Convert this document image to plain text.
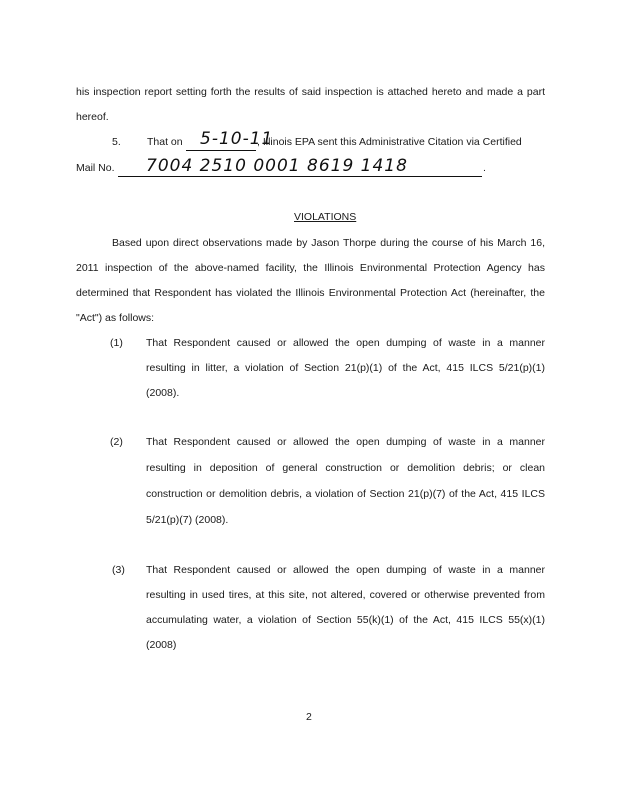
his inspection report setting forth the results of said inspection is attached hereto and made a part
hereof.
5. That on 5-10-11
, Illinois EPA sent this Administrative Citation via Certified
Mail No. 7004 2510 0001 8619 1418	.
VIOLATIONS
Based upon direct observations made by Jason Thorpe during the course of his March 16,
2011 inspection of the above-named facility, the Illinois Environmental Protection Agency has
determined that Respondent has violated the Illinois Environmental Protection Act (hereinafter, the
"Act") as follows:
(1) That Respondent caused or allowed the open dumping of waste in a manner
resulting in litter, a violation of Section 21(p)(1) of the Act, 415 ILCS 5/21(p)(1)
(2008).
(2) That Respondent caused or allowed the open dumping of waste in a manner
resulting in deposition of general construction or demolition debris; or clean
construction or demolition debris, a violation of Section 21(p)(7) of the Act, 415 ILCS
5/21(p)(7) (2008).
(3) That Respondent caused or allowed the open dumping of waste in a manner
resulting in used tires, at this site, not altered, covered or otherwise prevented from
accumulating water, a violation of Section 55(k)(1) of the Act, 415 ILCS 55(x)(1)
(2008)
2
